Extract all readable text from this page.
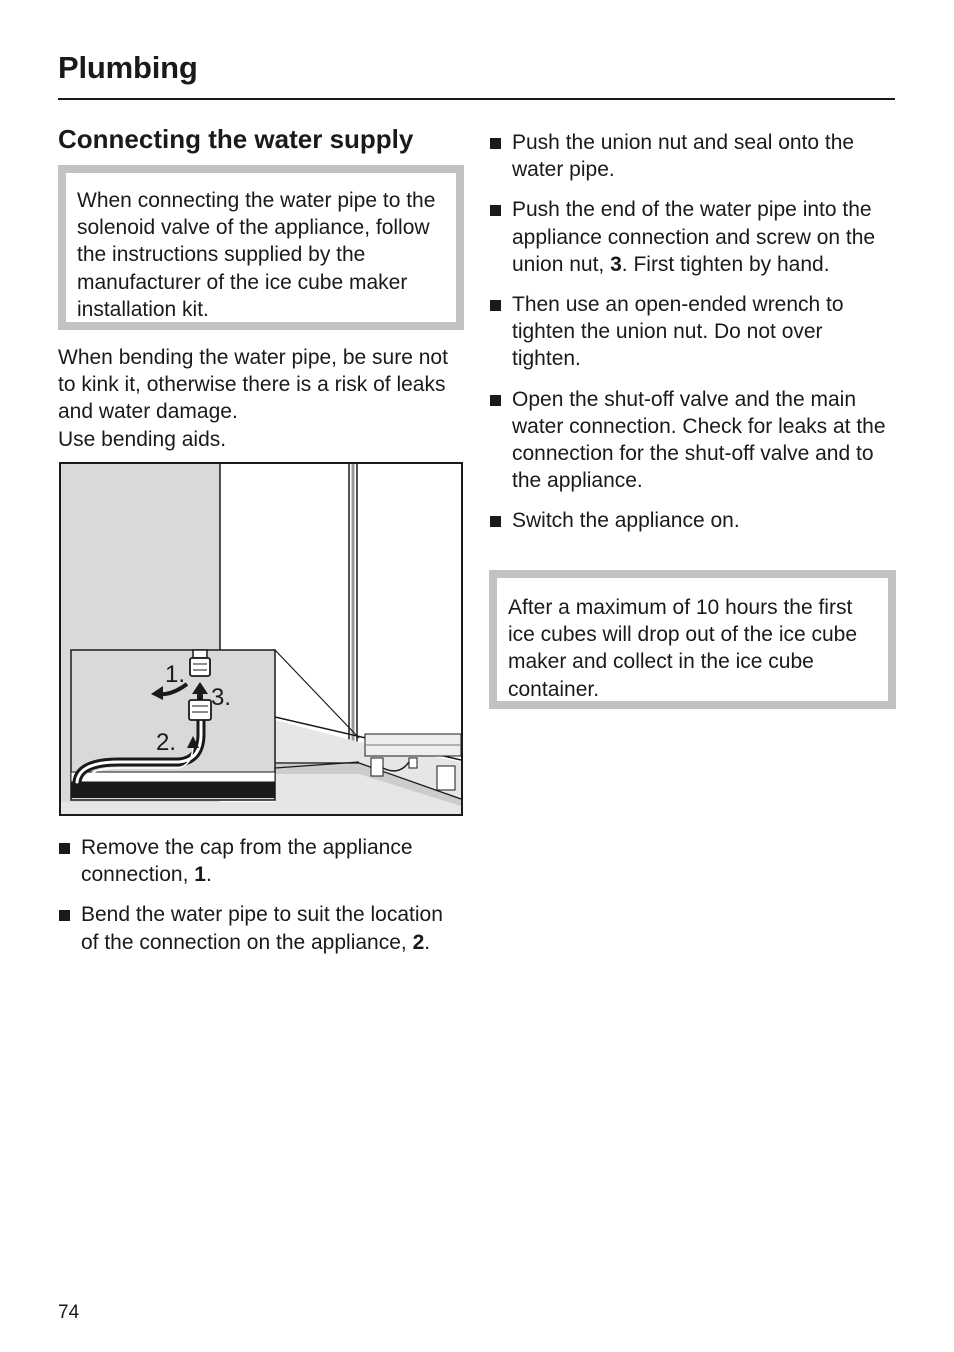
Plumbing
Connecting the water supply
When connecting the water pipe to the solenoid valve of the appliance, follow the instructions supplied by the manufacturer of the ice cube maker installation kit.

When bending the water pipe, be sure not to kink it, otherwise there is a risk of leaks and water damage.
Use bending aids.

1.
3.
2.
Remove the cap from the appliance connection, 1.
Bend the water pipe to suit the location of the connection on the appliance, 2.
Push the union nut and seal onto the water pipe.
Push the end of the water pipe into the appliance connection and screw on the union nut, 3. First tighten by hand.
Then use an open-ended wrench to tighten the union nut. Do not over tighten.
Open the shut-off valve and the main water connection. Check for leaks at the connection for the shut-off valve and to the appliance.
Switch the appliance on.
After a maximum of 10 hours the first ice cubes will drop out of the ice cube maker and collect in the ice cube container.
74
